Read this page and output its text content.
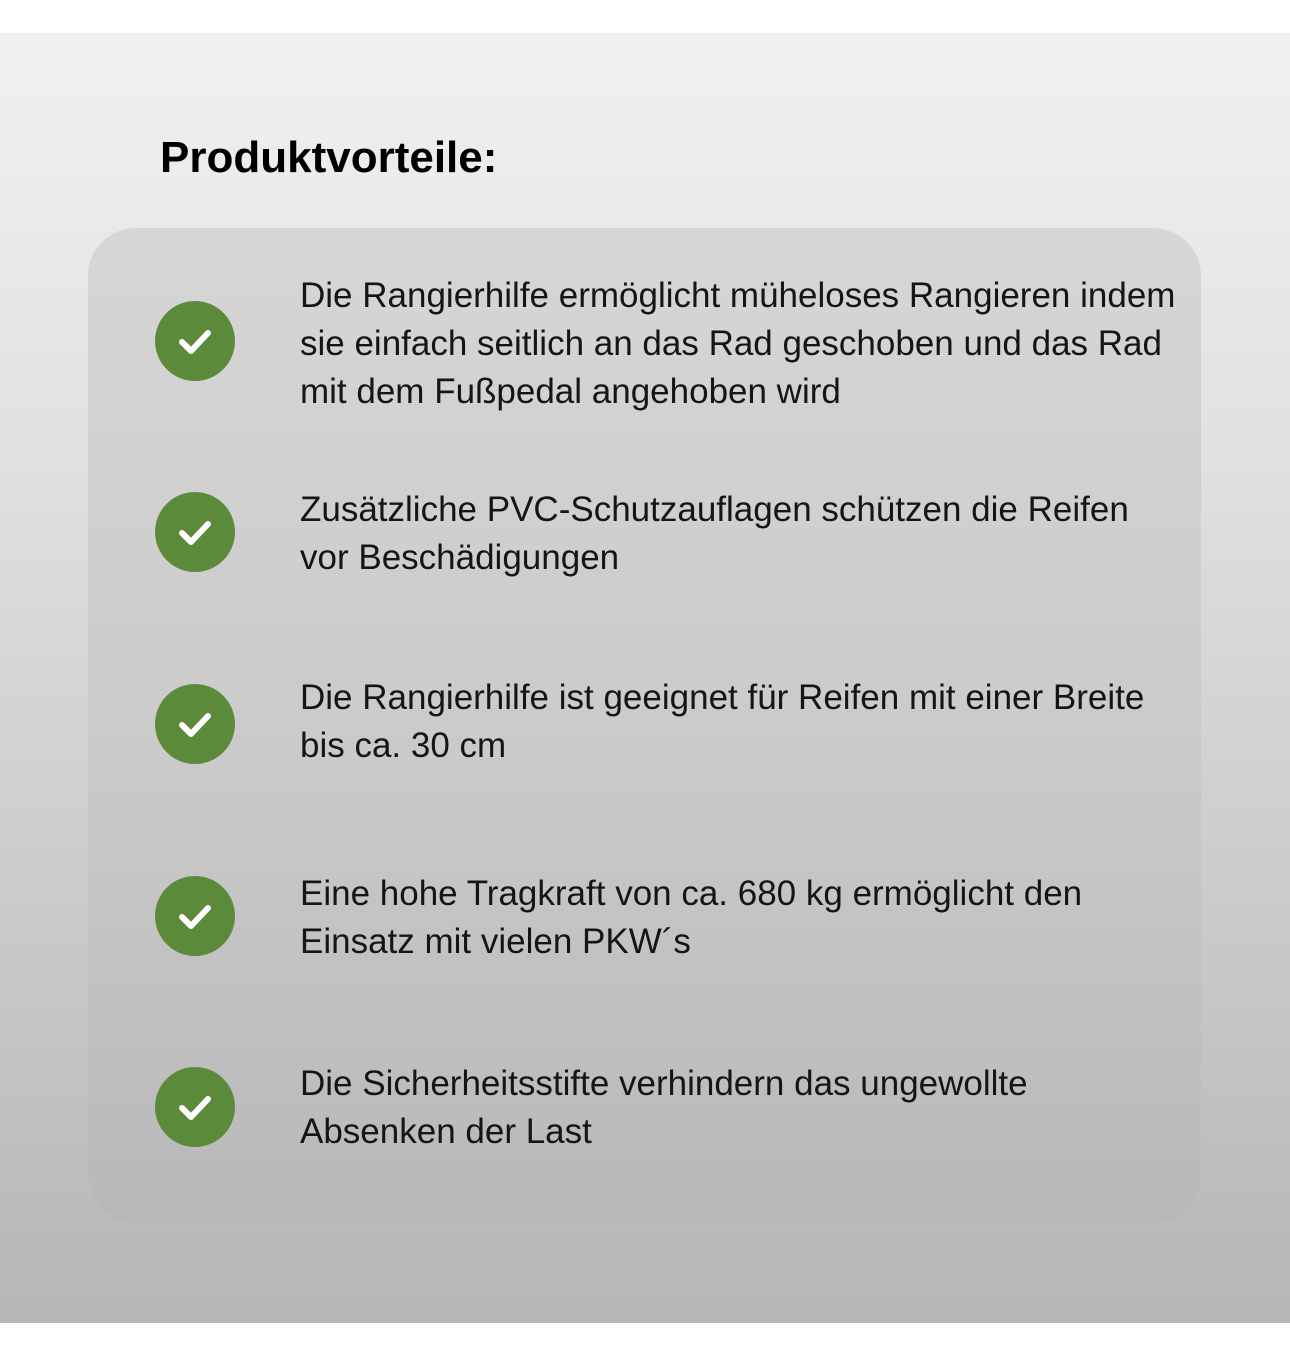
Produktvorteile:

Die Rangierhilfe ermöglicht müheloses Rangieren indem sie einfach seitlich an das Rad geschoben und das Rad mit dem Fußpedal angehoben wird

Zusätzliche PVC-Schutzauflagen schützen die Reifen vor Beschädigungen

Die Rangierhilfe ist geeignet für Reifen mit einer Breite bis ca. 30 cm

Eine hohe Tragkraft von ca. 680 kg ermöglicht den Einsatz mit vielen PKW´s

Die Sicherheitsstifte verhindern das ungewollte Absenken der Last
